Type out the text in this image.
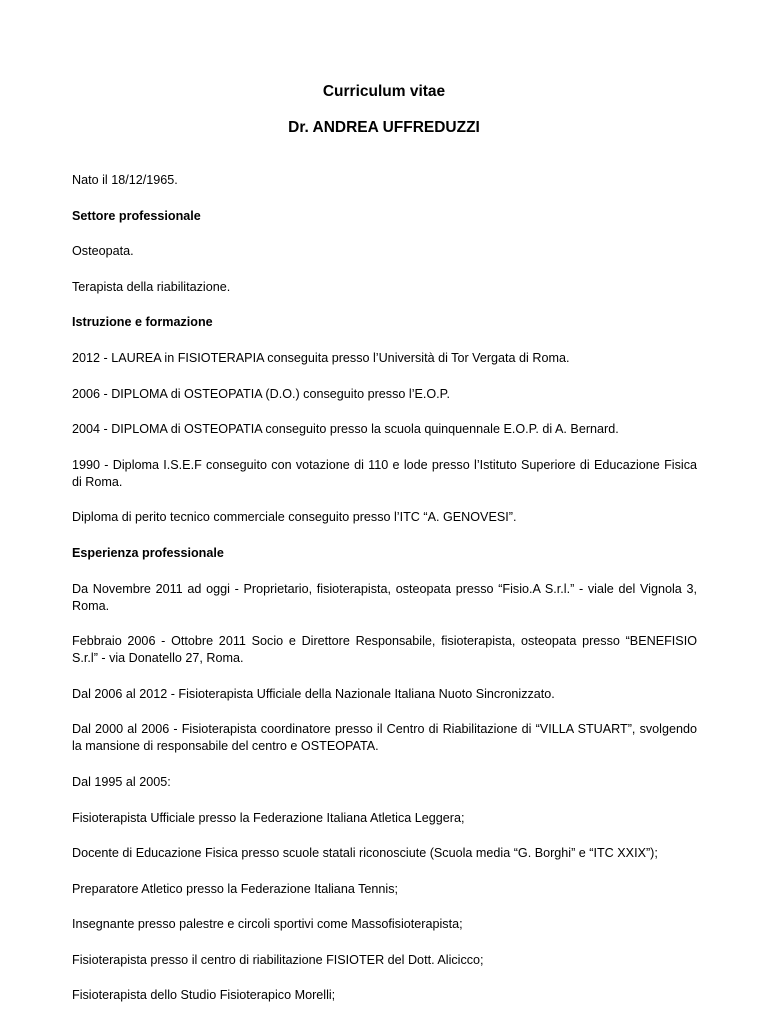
Curriculum vitae
Dr. ANDREA UFFREDUZZI

Nato il 18/12/1965.

Settore professionale

Osteopata.

Terapista della riabilitazione.

Istruzione e formazione

2012 - LAUREA in FISIOTERAPIA conseguita presso l’Università di Tor Vergata di Roma.

2006 - DIPLOMA di OSTEOPATIA (D.O.) conseguito presso l’E.O.P.

2004 - DIPLOMA di OSTEOPATIA conseguito presso la scuola quinquennale E.O.P. di A. Bernard.

1990 - Diploma I.S.E.F conseguito con votazione di 110 e lode presso l’Istituto Superiore di Educazione Fisica di Roma.

Diploma di perito tecnico commerciale conseguito presso l’ITC “A. GENOVESI”.

Esperienza professionale

Da Novembre 2011 ad oggi - Proprietario, fisioterapista, osteopata presso “Fisio.A S.r.l.” - viale del Vignola 3, Roma.

Febbraio 2006 - Ottobre 2011 Socio e Direttore Responsabile, fisioterapista, osteopata presso “BENEFISIO S.r.l” - via Donatello 27, Roma.

Dal 2006 al 2012 - Fisioterapista Ufficiale della Nazionale Italiana Nuoto Sincronizzato.

Dal 2000 al 2006 - Fisioterapista coordinatore presso il Centro di Riabilitazione di “VILLA STUART”, svolgendo la mansione di responsabile del centro e OSTEOPATA.

Dal 1995 al 2005:

Fisioterapista Ufficiale presso la Federazione Italiana Atletica Leggera;

Docente di Educazione Fisica presso scuole statali riconosciute (Scuola media “G. Borghi” e “ITC XXIX”);

Preparatore Atletico presso la Federazione Italiana Tennis;

Insegnante presso palestre e circoli sportivi come Massofisioterapista;

Fisioterapista presso il centro di riabilitazione FISIOTER del Dott. Alicicco;

Fisioterapista dello Studio Fisioterapico Morelli;
